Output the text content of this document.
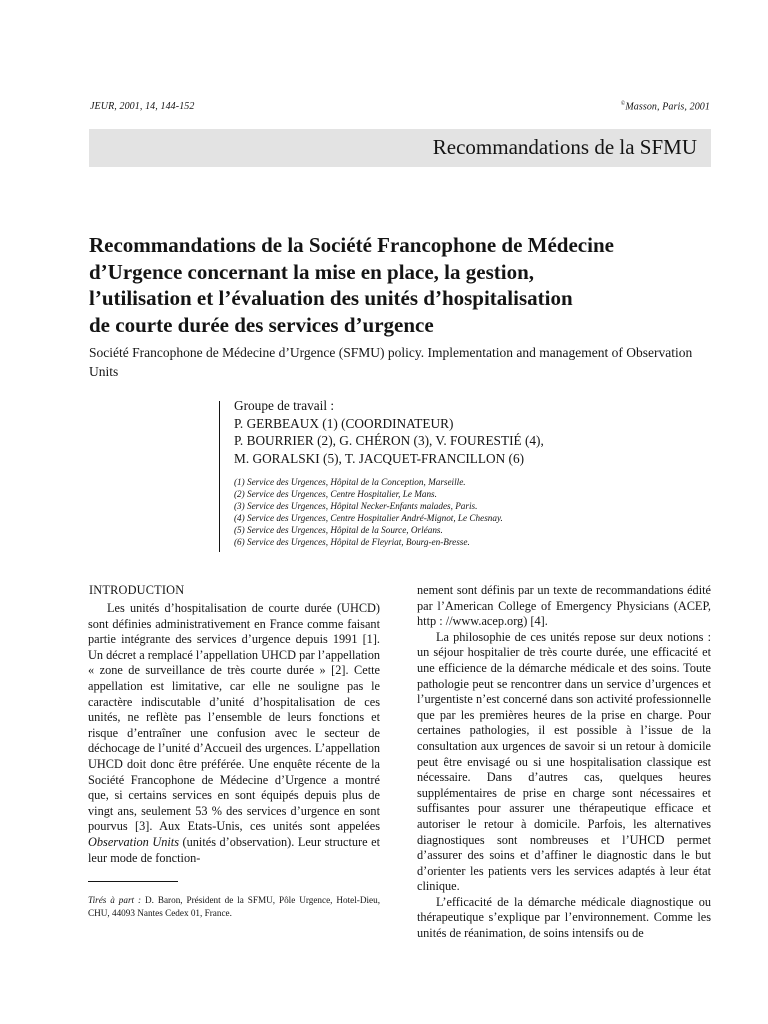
JEUR, 2001, 14, 144-152	©Masson, Paris, 2001
Recommandations de la SFMU
Recommandations de la Société Francophone de Médecine
d’Urgence concernant la mise en place, la gestion,
l’utilisation et l’évaluation des unités d’hospitalisation
de courte durée des services d’urgence
Société Francophone de Médecine d’Urgence (SFMU) policy. Implementation and management of Observation Units
Groupe de travail :
P. GERBEAUX (1) (COORDINATEUR)
P. BOURRIER (2), G. CHÉRON (3), V. FOURESTIÉ (4),
M. GORALSKI (5), T. JACQUET-FRANCILLON (6)
(1) Service des Urgences, Hôpital de la Conception, Marseille.
(2) Service des Urgences, Centre Hospitalier, Le Mans.
(3) Service des Urgences, Hôpital Necker-Enfants malades, Paris.
(4) Service des Urgences, Centre Hospitalier André-Mignot, Le Chesnay.
(5) Service des Urgences, Hôpital de la Source, Orléans.
(6) Service des Urgences, Hôpital de Fleyriat, Bourg-en-Bresse.
INTRODUCTION

Les unités d’hospitalisation de courte durée (UHCD) sont définies administrativement en France comme faisant partie intégrante des services d’urgence depuis 1991 [1]. Un décret a remplacé l’appellation UHCD par l’appellation « zone de surveillance de très courte durée » [2]. Cette appellation est limitative, car elle ne souligne pas le caractère indiscutable d’unité d’hospitalisation de ces unités, ne reflète pas l’ensemble de leurs fonctions et risque d’entraîner une confusion avec le secteur de déchocage de l’unité d’Accueil des urgences. L’appellation UHCD doit donc être préférée. Une enquête récente de la Société Francophone de Médecine d’Urgence a montré que, si certains services en sont équipés depuis plus de vingt ans, seulement 53 % des services d’urgence en sont pourvus [3]. Aux Etats-Unis, ces unités sont appelées Observation Units (unités d’observation). Leur structure et leur mode de fonction-

nement sont définis par un texte de recommandations édité par l’American College of Emergency Physicians (ACEP, http : //www.acep.org) [4].

La philosophie de ces unités repose sur deux notions : un séjour hospitalier de très courte durée, une efficacité et une efficience de la démarche médicale et des soins. Toute pathologie peut se rencontrer dans un service d’urgences et l’urgentiste n’est concerné dans son activité professionnelle que par les premières heures de la prise en charge. Pour certaines pathologies, il est possible à l’issue de la consultation aux urgences de savoir si un retour à domicile peut être envisagé ou si une hospitalisation classique est nécessaire. Dans d’autres cas, quelques heures supplémentaires de prise en charge sont nécessaires et suffisantes pour assurer une thérapeutique efficace et autoriser le retour à domicile. Parfois, les alternatives diagnostiques sont nombreuses et l’UHCD permet d’assurer des soins et d’affiner le diagnostic dans le but d’orienter les patients vers les services adaptés à leur état clinique.

L’efficacité de la démarche médicale diagnostique ou thérapeutique s’explique par l’environnement. Comme les unités de réanimation, de soins intensifs ou de

Tirés à part : D. Baron, Président de la SFMU, Pôle Urgence, Hotel-Dieu, CHU, 44093 Nantes Cedex 01, France.
